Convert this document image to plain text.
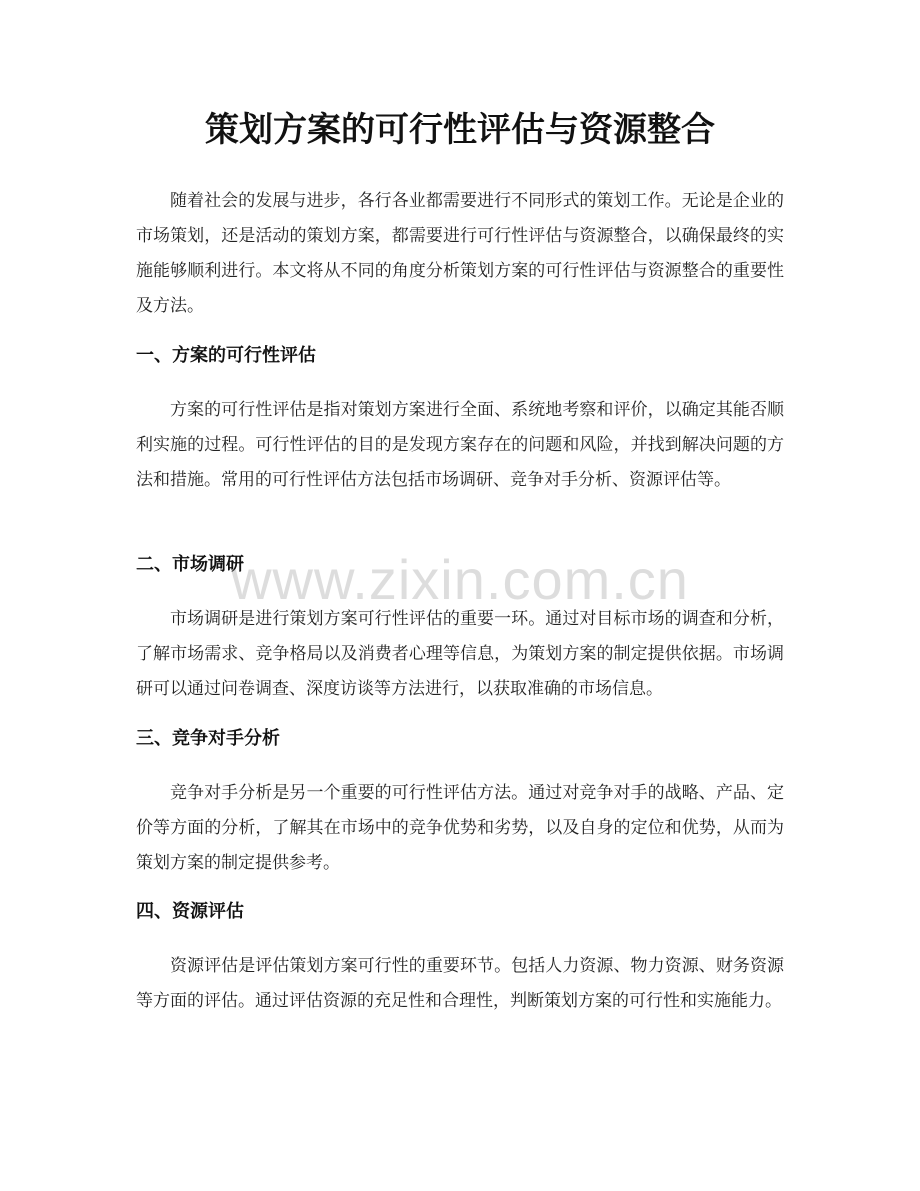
策划方案的可行性评估与资源整合

随着社会的发展与进步，各行各业都需要进行不同形式的策划工作。无论是企业的市场策划，还是活动的策划方案，都需要进行可行性评估与资源整合，以确保最终的实施能够顺利进行。本文将从不同的角度分析策划方案的可行性评估与资源整合的重要性及方法。

一、方案的可行性评估

方案的可行性评估是指对策划方案进行全面、系统地考察和评价，以确定其能否顺利实施的过程。可行性评估的目的是发现方案存在的问题和风险，并找到解决问题的方法和措施。常用的可行性评估方法包括市场调研、竞争对手分析、资源评估等。

二、市场调研

市场调研是进行策划方案可行性评估的重要一环。通过对目标市场的调查和分析，了解市场需求、竞争格局以及消费者心理等信息，为策划方案的制定提供依据。市场调研可以通过问卷调查、深度访谈等方法进行，以获取准确的市场信息。

三、竞争对手分析

竞争对手分析是另一个重要的可行性评估方法。通过对竞争对手的战略、产品、定价等方面的分析，了解其在市场中的竞争优势和劣势，以及自身的定位和优势，从而为策划方案的制定提供参考。

四、资源评估

资源评估是评估策划方案可行性的重要环节。包括人力资源、物力资源、财务资源等方面的评估。通过评估资源的充足性和合理性，判断策划方案的可行性和实施能力。

www.zixin.com.cn
